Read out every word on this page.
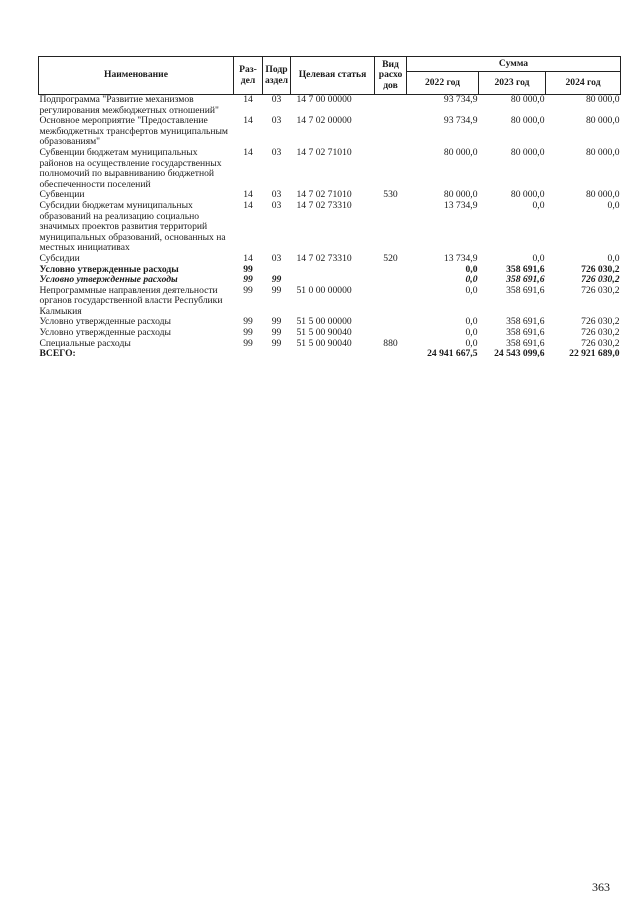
Наименование	Раз-дел	Подр аздел	Целевая статья	Вид расхо дов	Сумма		
					2022 год	2023 год	2024 год
Подпрограмма "Развитие механизмов регулирования межбюджетных отношений"	14	03	14 7 00 00000		93 734,9	80 000,0	80 000,0
Основное мероприятие "Предоставление межбюджетных трансфертов муниципальным образованиям"	14	03	14 7 02 00000		93 734,9	80 000,0	80 000,0
Субвенции бюджетам муниципальных районов на осуществление государственных полномочий по выравниванию бюджетной обеспеченности поселений	14	03	14 7 02 71010		80 000,0	80 000,0	80 000,0
Субвенции	14	03	14 7 02 71010	530	80 000,0	80 000,0	80 000,0
Субсидии бюджетам муниципальных образований на реализацию социально значимых проектов развития территорий муниципальных образований, основанных на местных инициативах	14	03	14 7 02 73310		13 734,9	0,0	0,0
Субсидии	14	03	14 7 02 73310	520	13 734,9	0,0	0,0
Условно утвержденные расходы	99				0,0	358 691,6	726 030,2
Условно утвержденные расходы	99	99			0,0	358 691,6	726 030,2
Непрограммные направления деятельности органов государственной власти Республики Калмыкия	99	99	51 0 00 00000		0,0	358 691,6	726 030,2
Условно утвержденные расходы	99	99	51 5 00 00000		0,0	358 691,6	726 030,2
Условно утвержденные расходы	99	99	51 5 00 90040		0,0	358 691,6	726 030,2
Специальные расходы	99	99	51 5 00 90040	880	0,0	358 691,6	726 030,2
ВСЕГО:					24 941 667,5	24 543 099,6	22 921 689,0
363
